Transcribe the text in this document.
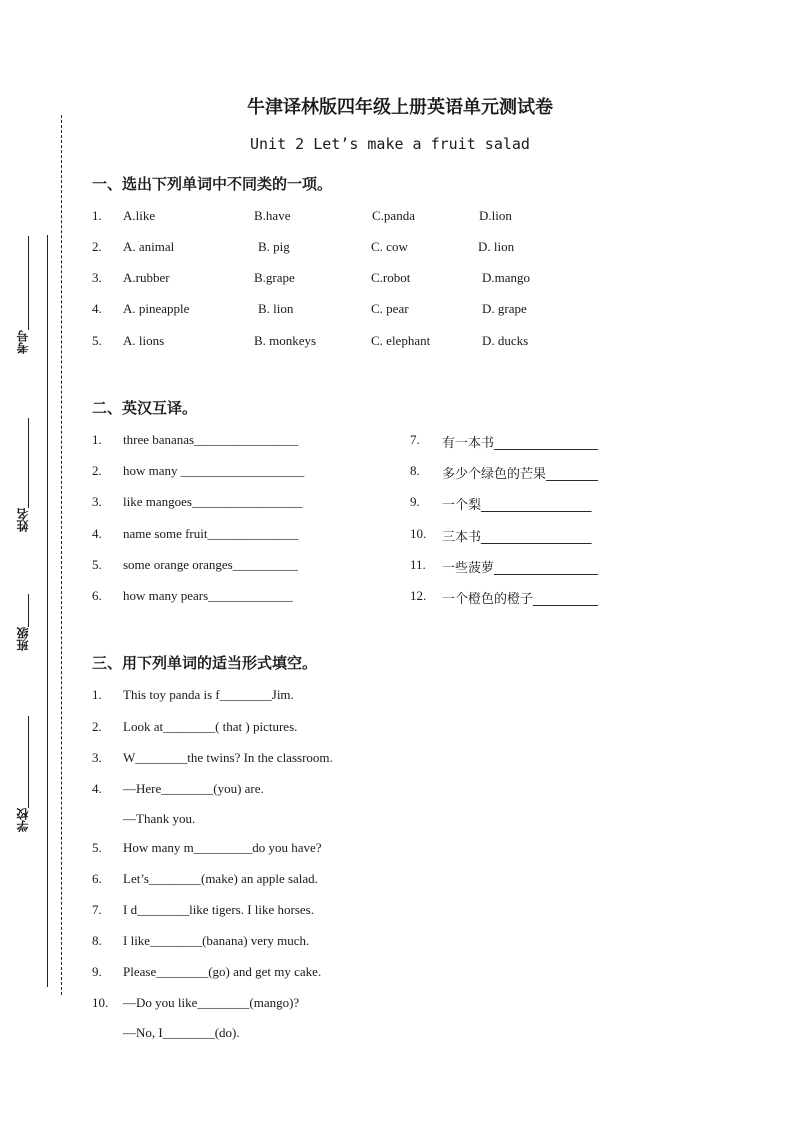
考号
姓名
班级
学校
牛津译林版四年级上册英语单元测试卷
Unit 2 Let’s make a fruit salad
一、选出下列单词中不同类的一项。
1. A.like	B.have	C.panda	D.lion
2. A. animal	B. pig	C. cow	D. lion
3. A.rubber	B.grape	C.robot	D.mango
4. A. pineapple	B. lion	C. pear	D. grape
5. A. lions	B. monkeys	C. elephant	D. ducks
二、英汉互译。
1. three bananas________________
2. how many ___________________
3. like mangoes_________________
4. name some fruit______________
5. some orange oranges__________
6. how many pears_____________
7. 有一本书________________
8. 多少个绿色的芒果________
9. 一个梨_________________
10. 三本书_________________
11. 一些菠萝________________
12. 一个橙色的橙子__________
三、用下列单词的适当形式填空。
1. This toy panda is f________Jim.
2. Look at________( that ) pictures.
3. W________the twins? In the classroom.
4. —Here________(you) are.
—Thank you.
5. How many m_________do you have?
6. Let’s________(make) an apple salad.
7. I d________like tigers. I like horses.
8. I like________(banana) very much.
9. Please________(go) and get my cake.
10. —Do you like________(mango)?
—No, I________(do).
